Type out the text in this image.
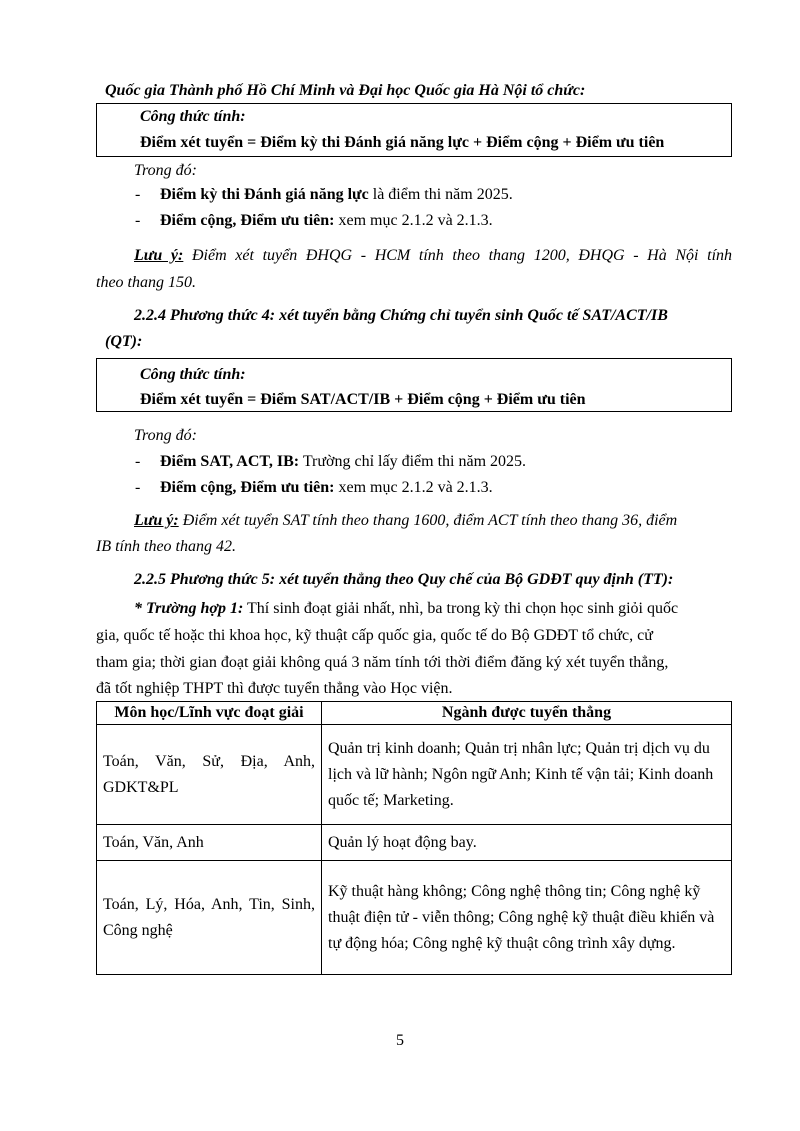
Quốc gia Thành phố Hồ Chí Minh và Đại học Quốc gia Hà Nội tổ chức:
Công thức tính:
Điểm xét tuyển = Điểm kỳ thi Đánh giá năng lực + Điểm cộng + Điểm ưu tiên
Trong đó:
- Điểm kỳ thi Đánh giá năng lực là điểm thi năm 2025.
- Điểm cộng, Điểm ưu tiên: xem mục 2.1.2 và 2.1.3.
Lưu ý: Điểm xét tuyển ĐHQG - HCM tính theo thang 1200, ĐHQG - Hà Nội tính
theo thang 150.
2.2.4 Phương thức 4: xét tuyển bằng Chứng chỉ tuyển sinh Quốc tế SAT/ACT/IB
(QT):
Công thức tính:
Điểm xét tuyển = Điểm SAT/ACT/IB + Điểm cộng + Điểm ưu tiên
Trong đó:
- Điểm SAT, ACT, IB: Trường chỉ lấy điểm thi năm 2025.
- Điểm cộng, Điểm ưu tiên: xem mục 2.1.2 và 2.1.3.
Lưu ý: Điểm xét tuyển SAT tính theo thang 1600, điểm ACT tính theo thang 36, điểm
IB tính theo thang 42.
2.2.5 Phương thức 5: xét tuyển thẳng theo Quy chế của Bộ GDĐT quy định (TT):
* Trường hợp 1: Thí sinh đoạt giải nhất, nhì, ba trong kỳ thi chọn học sinh giỏi quốc
gia, quốc tế hoặc thi khoa học, kỹ thuật cấp quốc gia, quốc tế do Bộ GDĐT tổ chức, cử
tham gia; thời gian đoạt giải không quá 3 năm tính tới thời điểm đăng ký xét tuyển thẳng,
đã tốt nghiệp THPT thì được tuyển thẳng vào Học viện.
Môn học/Lĩnh vực đoạt giải	Ngành được tuyển thẳng
Toán, Văn, Sử, Địa, Anh, GDKT&PL	Quản trị kinh doanh; Quản trị nhân lực; Quản trị dịch vụ du lịch và lữ hành; Ngôn ngữ Anh; Kinh tế vận tải; Kinh doanh quốc tế; Marketing.
Toán, Văn, Anh	Quản lý hoạt động bay.
Toán, Lý, Hóa, Anh, Tin, Sinh, Công nghệ	Kỹ thuật hàng không; Công nghệ thông tin; Công nghệ kỹ thuật điện tử - viễn thông; Công nghệ kỹ thuật điều khiển và tự động hóa; Công nghệ kỹ thuật công trình xây dựng.
5
